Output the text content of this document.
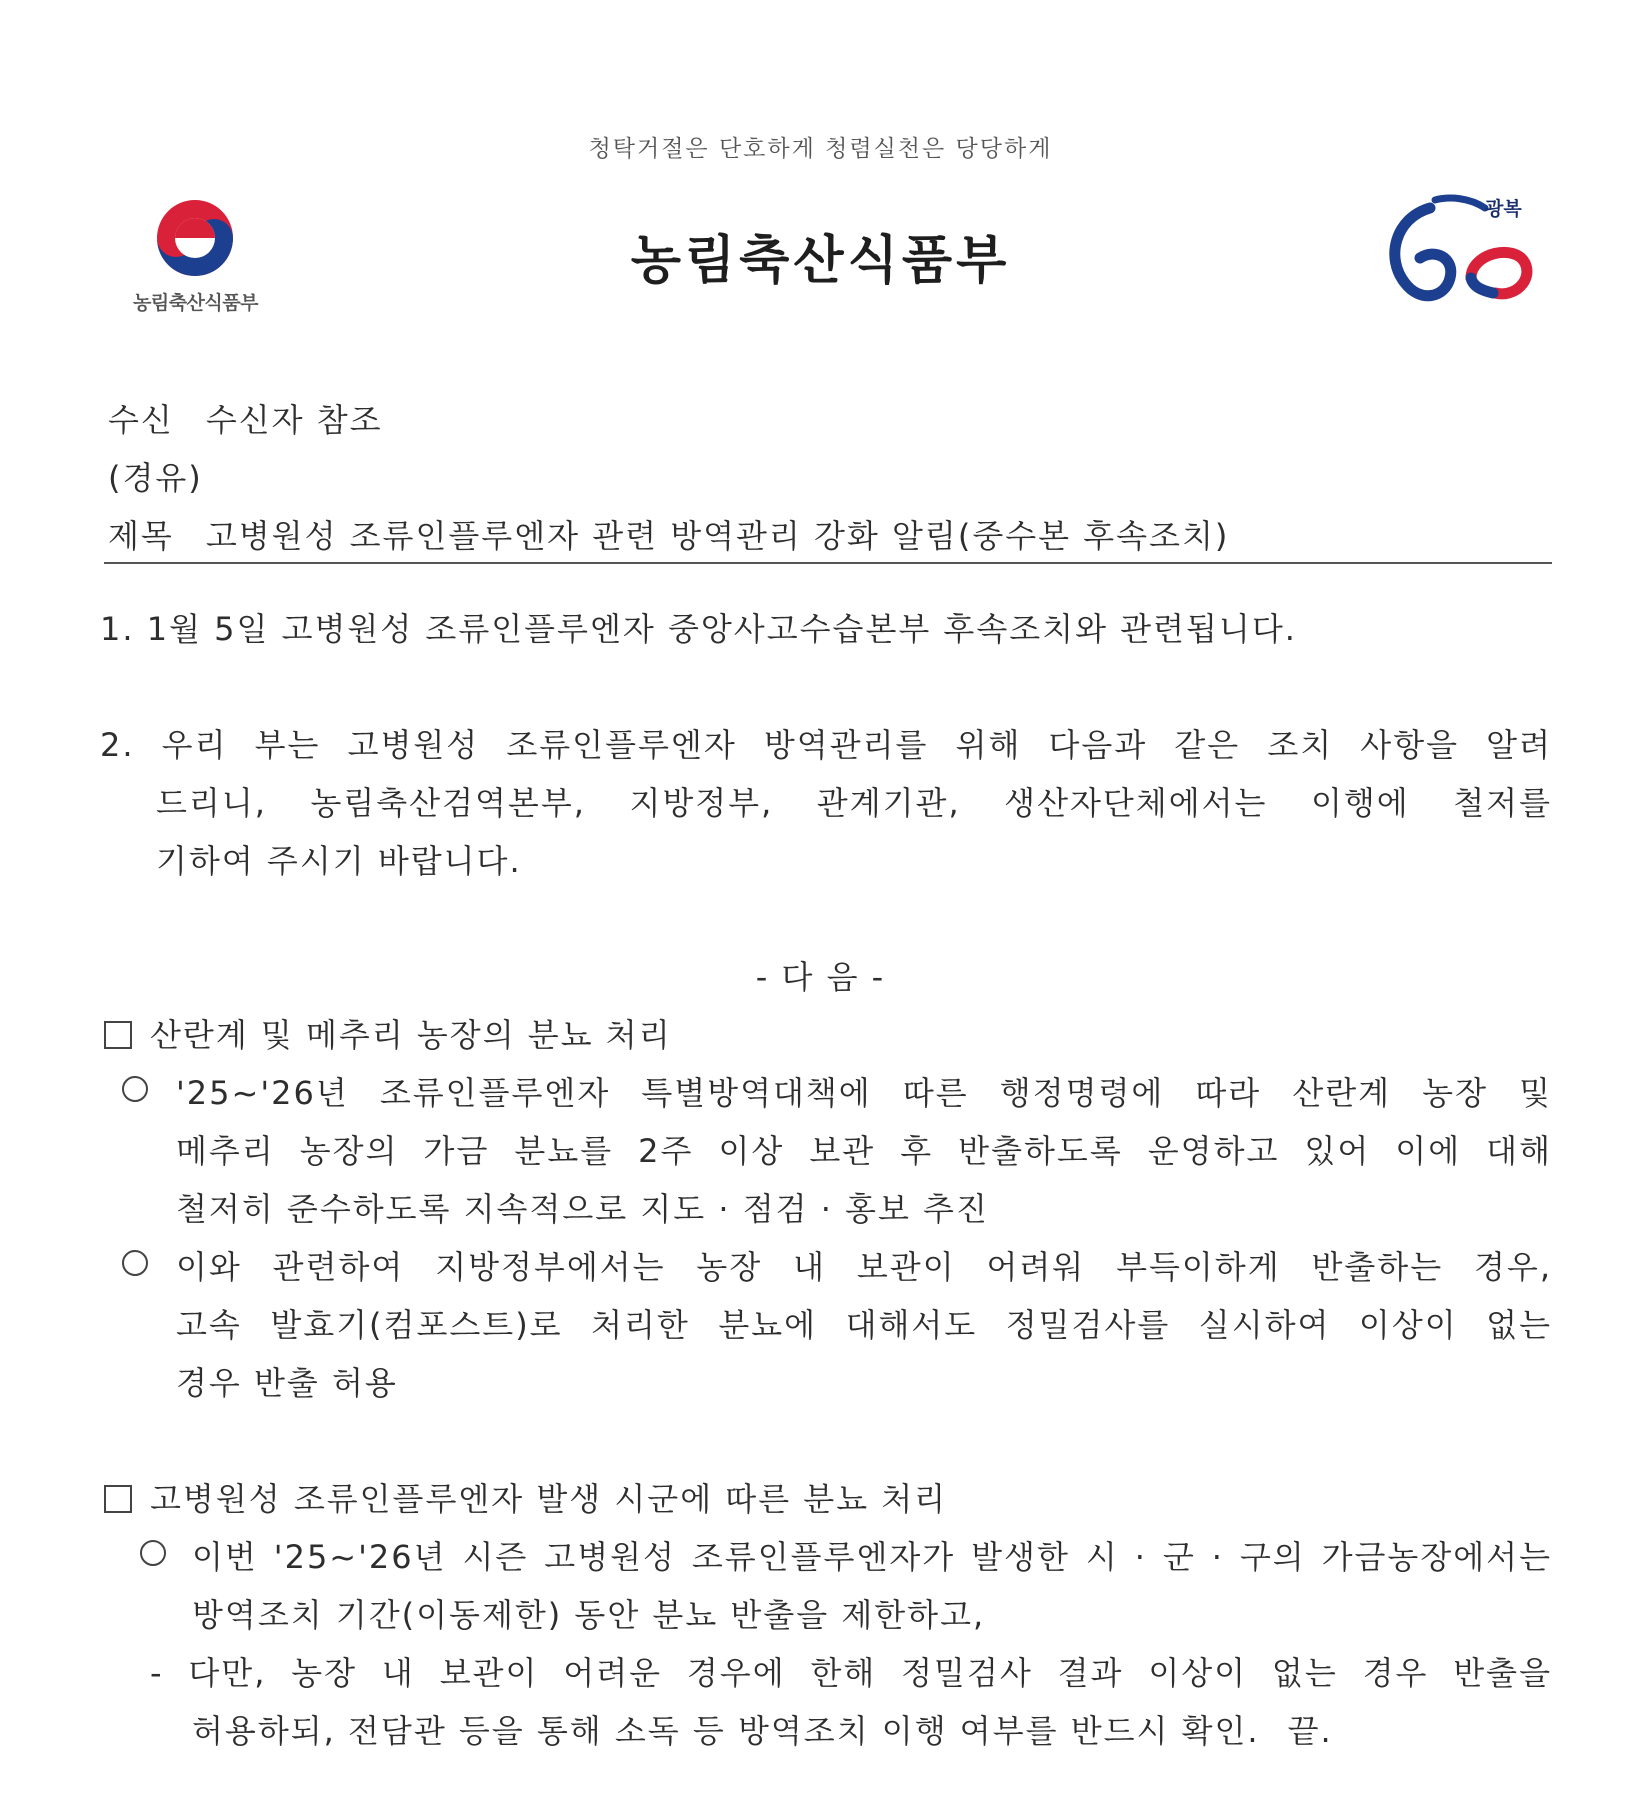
청탁거절은 단호하게 청렴실천은 당당하게
농림축산식품부
농림축산식품부
광복
수신 수신자 참조
(경유)
제목 고병원성 조류인플루엔자 관련 방역관리 강화 알림(중수본 후속조치)
1. 1월 5일 고병원성 조류인플루엔자 중앙사고수습본부 후속조치와 관련됩니다.
2. 우리 부는 고병원성 조류인플루엔자 방역관리를 위해 다음과 같은 조치 사항을 알려
드리니, 농림축산검역본부, 지방정부, 관계기관, 생산자단체에서는 이행에 철저를
기하여 주시기 바랍니다.
- 다 음 -
산란계 및 메추리 농장의 분뇨 처리
'25~'26년 조류인플루엔자 특별방역대책에 따른 행정명령에 따라 산란계 농장 및
메추리 농장의 가금 분뇨를 2주 이상 보관 후 반출하도록 운영하고 있어 이에 대해
철저히 준수하도록 지속적으로 지도 · 점검 · 홍보 추진
이와 관련하여 지방정부에서는 농장 내 보관이 어려워 부득이하게 반출하는 경우,
고속 발효기(컴포스트)로 처리한 분뇨에 대해서도 정밀검사를 실시하여 이상이 없는
경우 반출 허용
고병원성 조류인플루엔자 발생 시군에 따른 분뇨 처리
이번 '25~'26년 시즌 고병원성 조류인플루엔자가 발생한 시 · 군 · 구의 가금농장에서는
방역조치 기간(이동제한) 동안 분뇨 반출을 제한하고,
- 다만, 농장 내 보관이 어려운 경우에 한해 정밀검사 결과 이상이 없는 경우 반출을
허용하되, 전담관 등을 통해 소독 등 방역조치 이행 여부를 반드시 확인. 끝.
